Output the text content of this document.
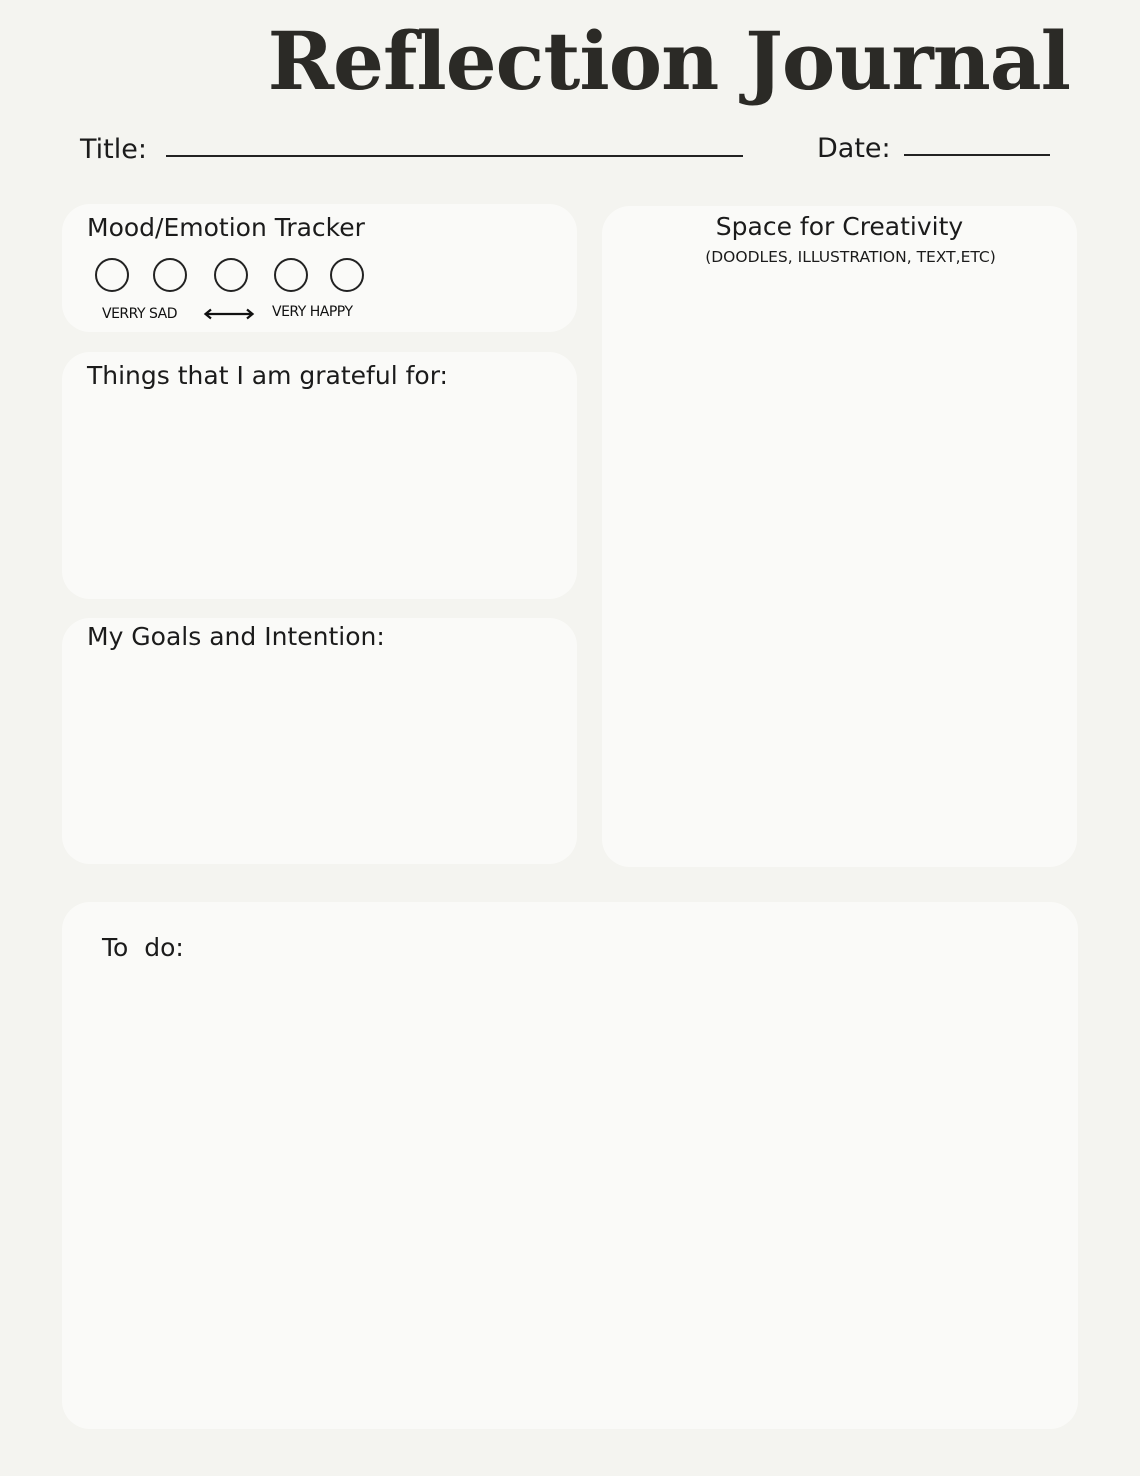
Reflection Journal
Title:	Date:
Mood/Emotion Tracker
VERRY SAD	VERY HAPPY
Things that I am grateful for:
My Goals and Intention:
Space for Creativity
(DOODLES, ILLUSTRATION, TEXT,ETC)
To  do:
